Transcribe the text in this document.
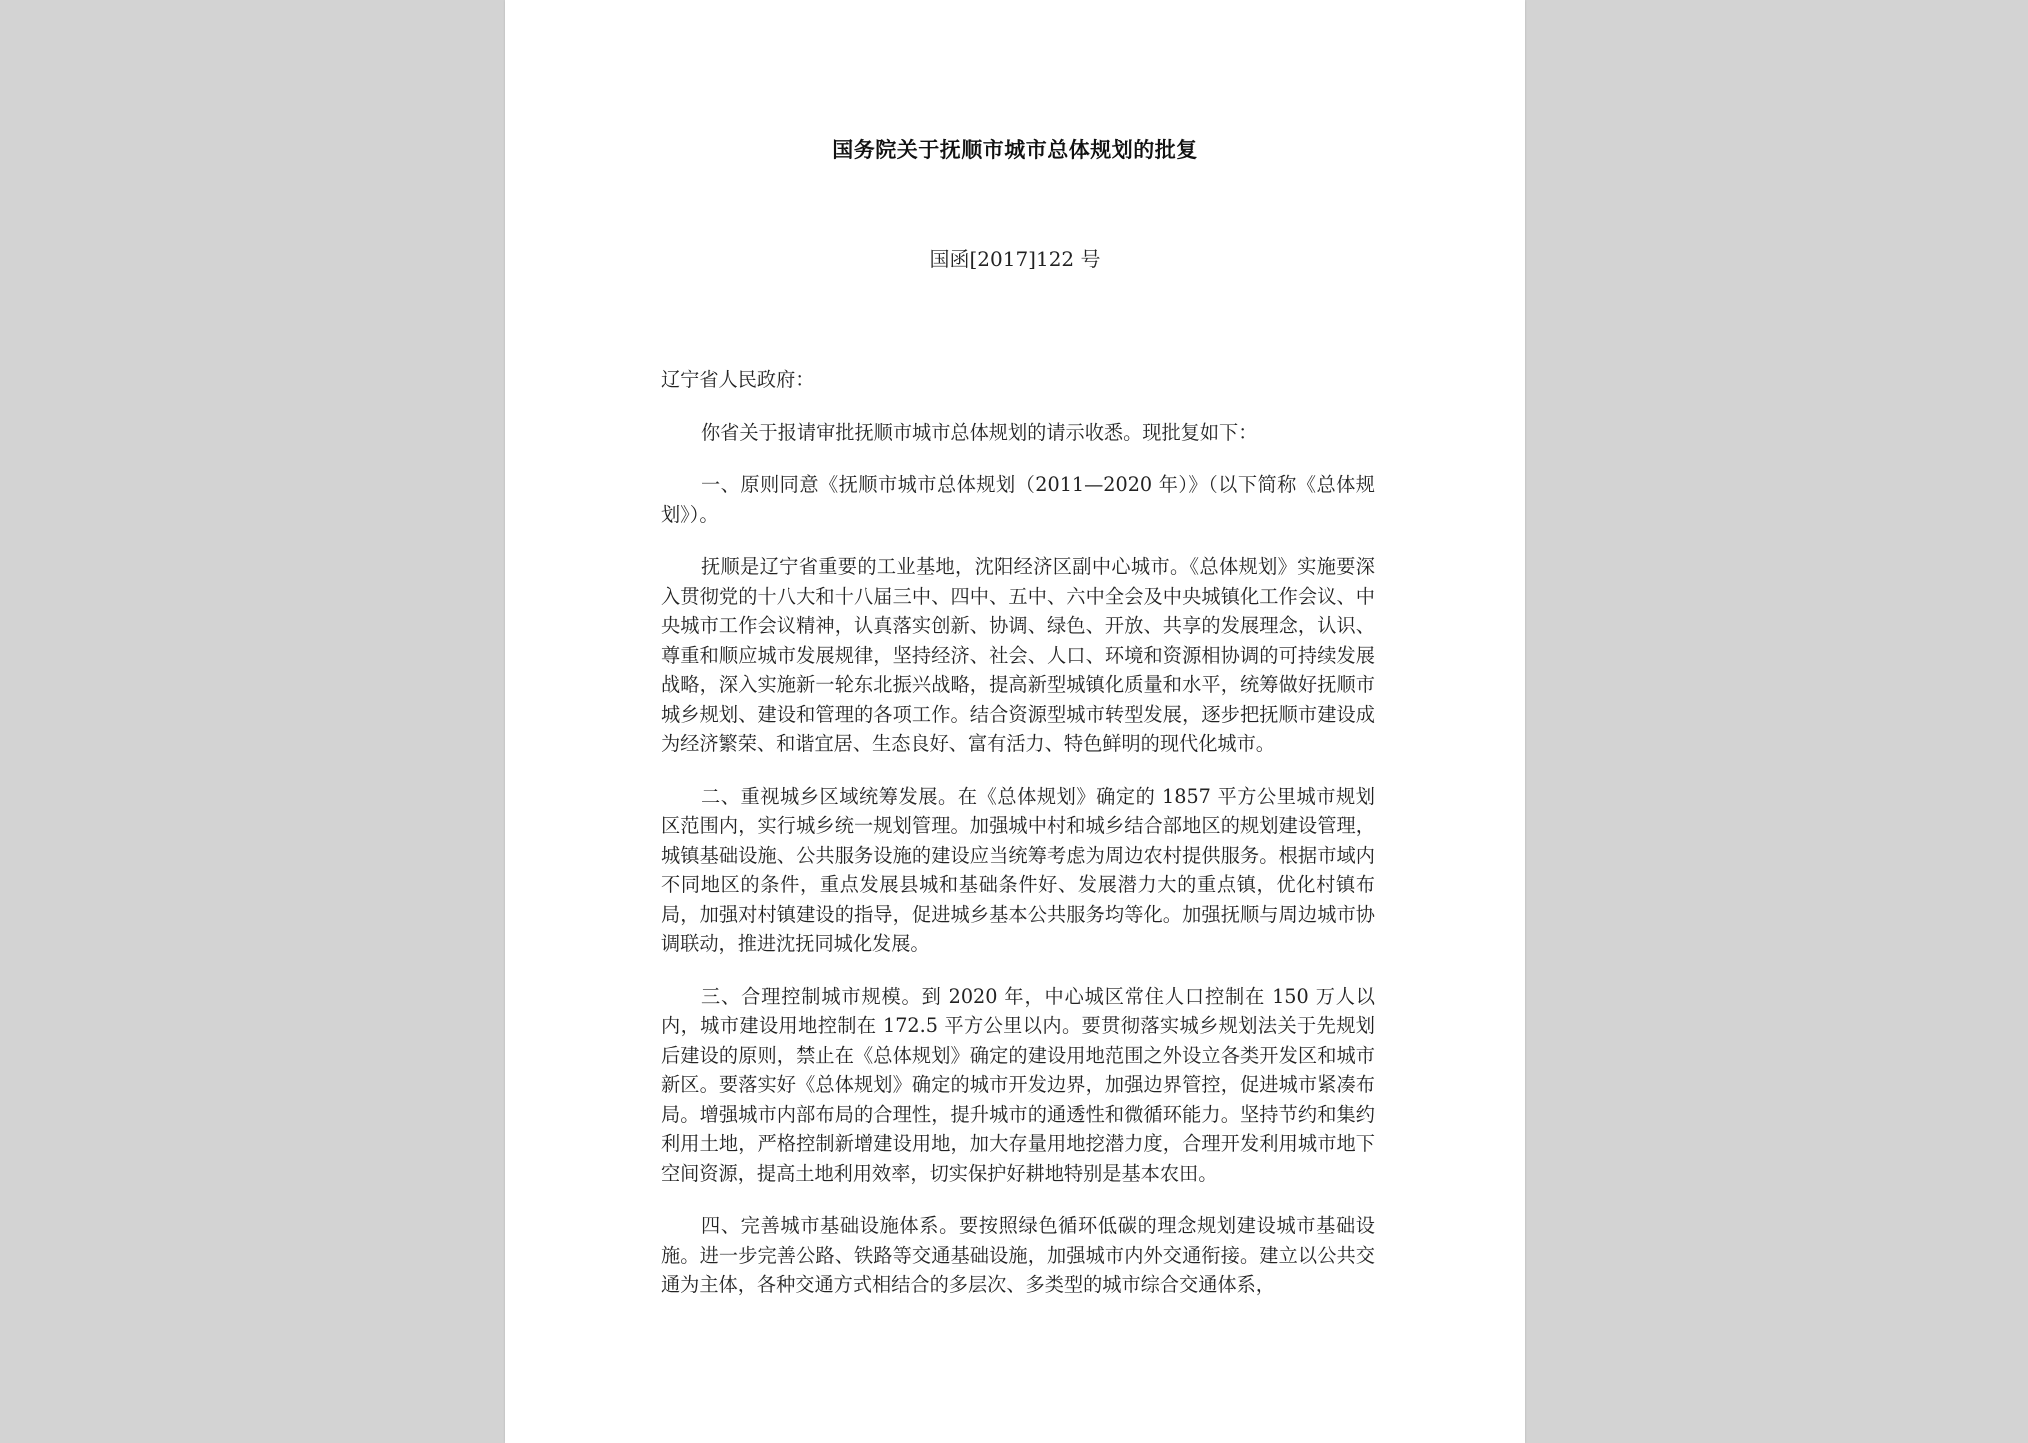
国务院关于抚顺市城市总体规划的批复
国函[2017]122 号

辽宁省人民政府：

你省关于报请审批抚顺市城市总体规划的请示收悉。现批复如下：

一、原则同意《抚顺市城市总体规划（2011—2020 年）》（以下简称《总体规划》）。

抚顺是辽宁省重要的工业基地，沈阳经济区副中心城市。《总体规划》实施要深入贯彻党的十八大和十八届三中、四中、五中、六中全会及中央城镇化工作会议、中央城市工作会议精神，认真落实创新、协调、绿色、开放、共享的发展理念，认识、尊重和顺应城市发展规律，坚持经济、社会、人口、环境和资源相协调的可持续发展战略，深入实施新一轮东北振兴战略，提高新型城镇化质量和水平，统筹做好抚顺市城乡规划、建设和管理的各项工作。结合资源型城市转型发展，逐步把抚顺市建设成为经济繁荣、和谐宜居、生态良好、富有活力、特色鲜明的现代化城市。

二、重视城乡区域统筹发展。在《总体规划》确定的 1857 平方公里城市规划区范围内，实行城乡统一规划管理。加强城中村和城乡结合部地区的规划建设管理，城镇基础设施、公共服务设施的建设应当统筹考虑为周边农村提供服务。根据市域内不同地区的条件，重点发展县城和基础条件好、发展潜力大的重点镇，优化村镇布局，加强对村镇建设的指导，促进城乡基本公共服务均等化。加强抚顺与周边城市协调联动，推进沈抚同城化发展。

三、合理控制城市规模。到 2020 年，中心城区常住人口控制在 150 万人以内，城市建设用地控制在 172.5 平方公里以内。要贯彻落实城乡规划法关于先规划后建设的原则，禁止在《总体规划》确定的建设用地范围之外设立各类开发区和城市新区。要落实好《总体规划》确定的城市开发边界，加强边界管控，促进城市紧凑布局。增强城市内部布局的合理性，提升城市的通透性和微循环能力。坚持节约和集约利用土地，严格控制新增建设用地，加大存量用地挖潜力度，合理开发利用城市地下空间资源，提高土地利用效率，切实保护好耕地特别是基本农田。

四、完善城市基础设施体系。要按照绿色循环低碳的理念规划建设城市基础设施。进一步完善公路、铁路等交通基础设施，加强城市内外交通衔接。建立以公共交通为主体，各种交通方式相结合的多层次、多类型的城市综合交通体系，
